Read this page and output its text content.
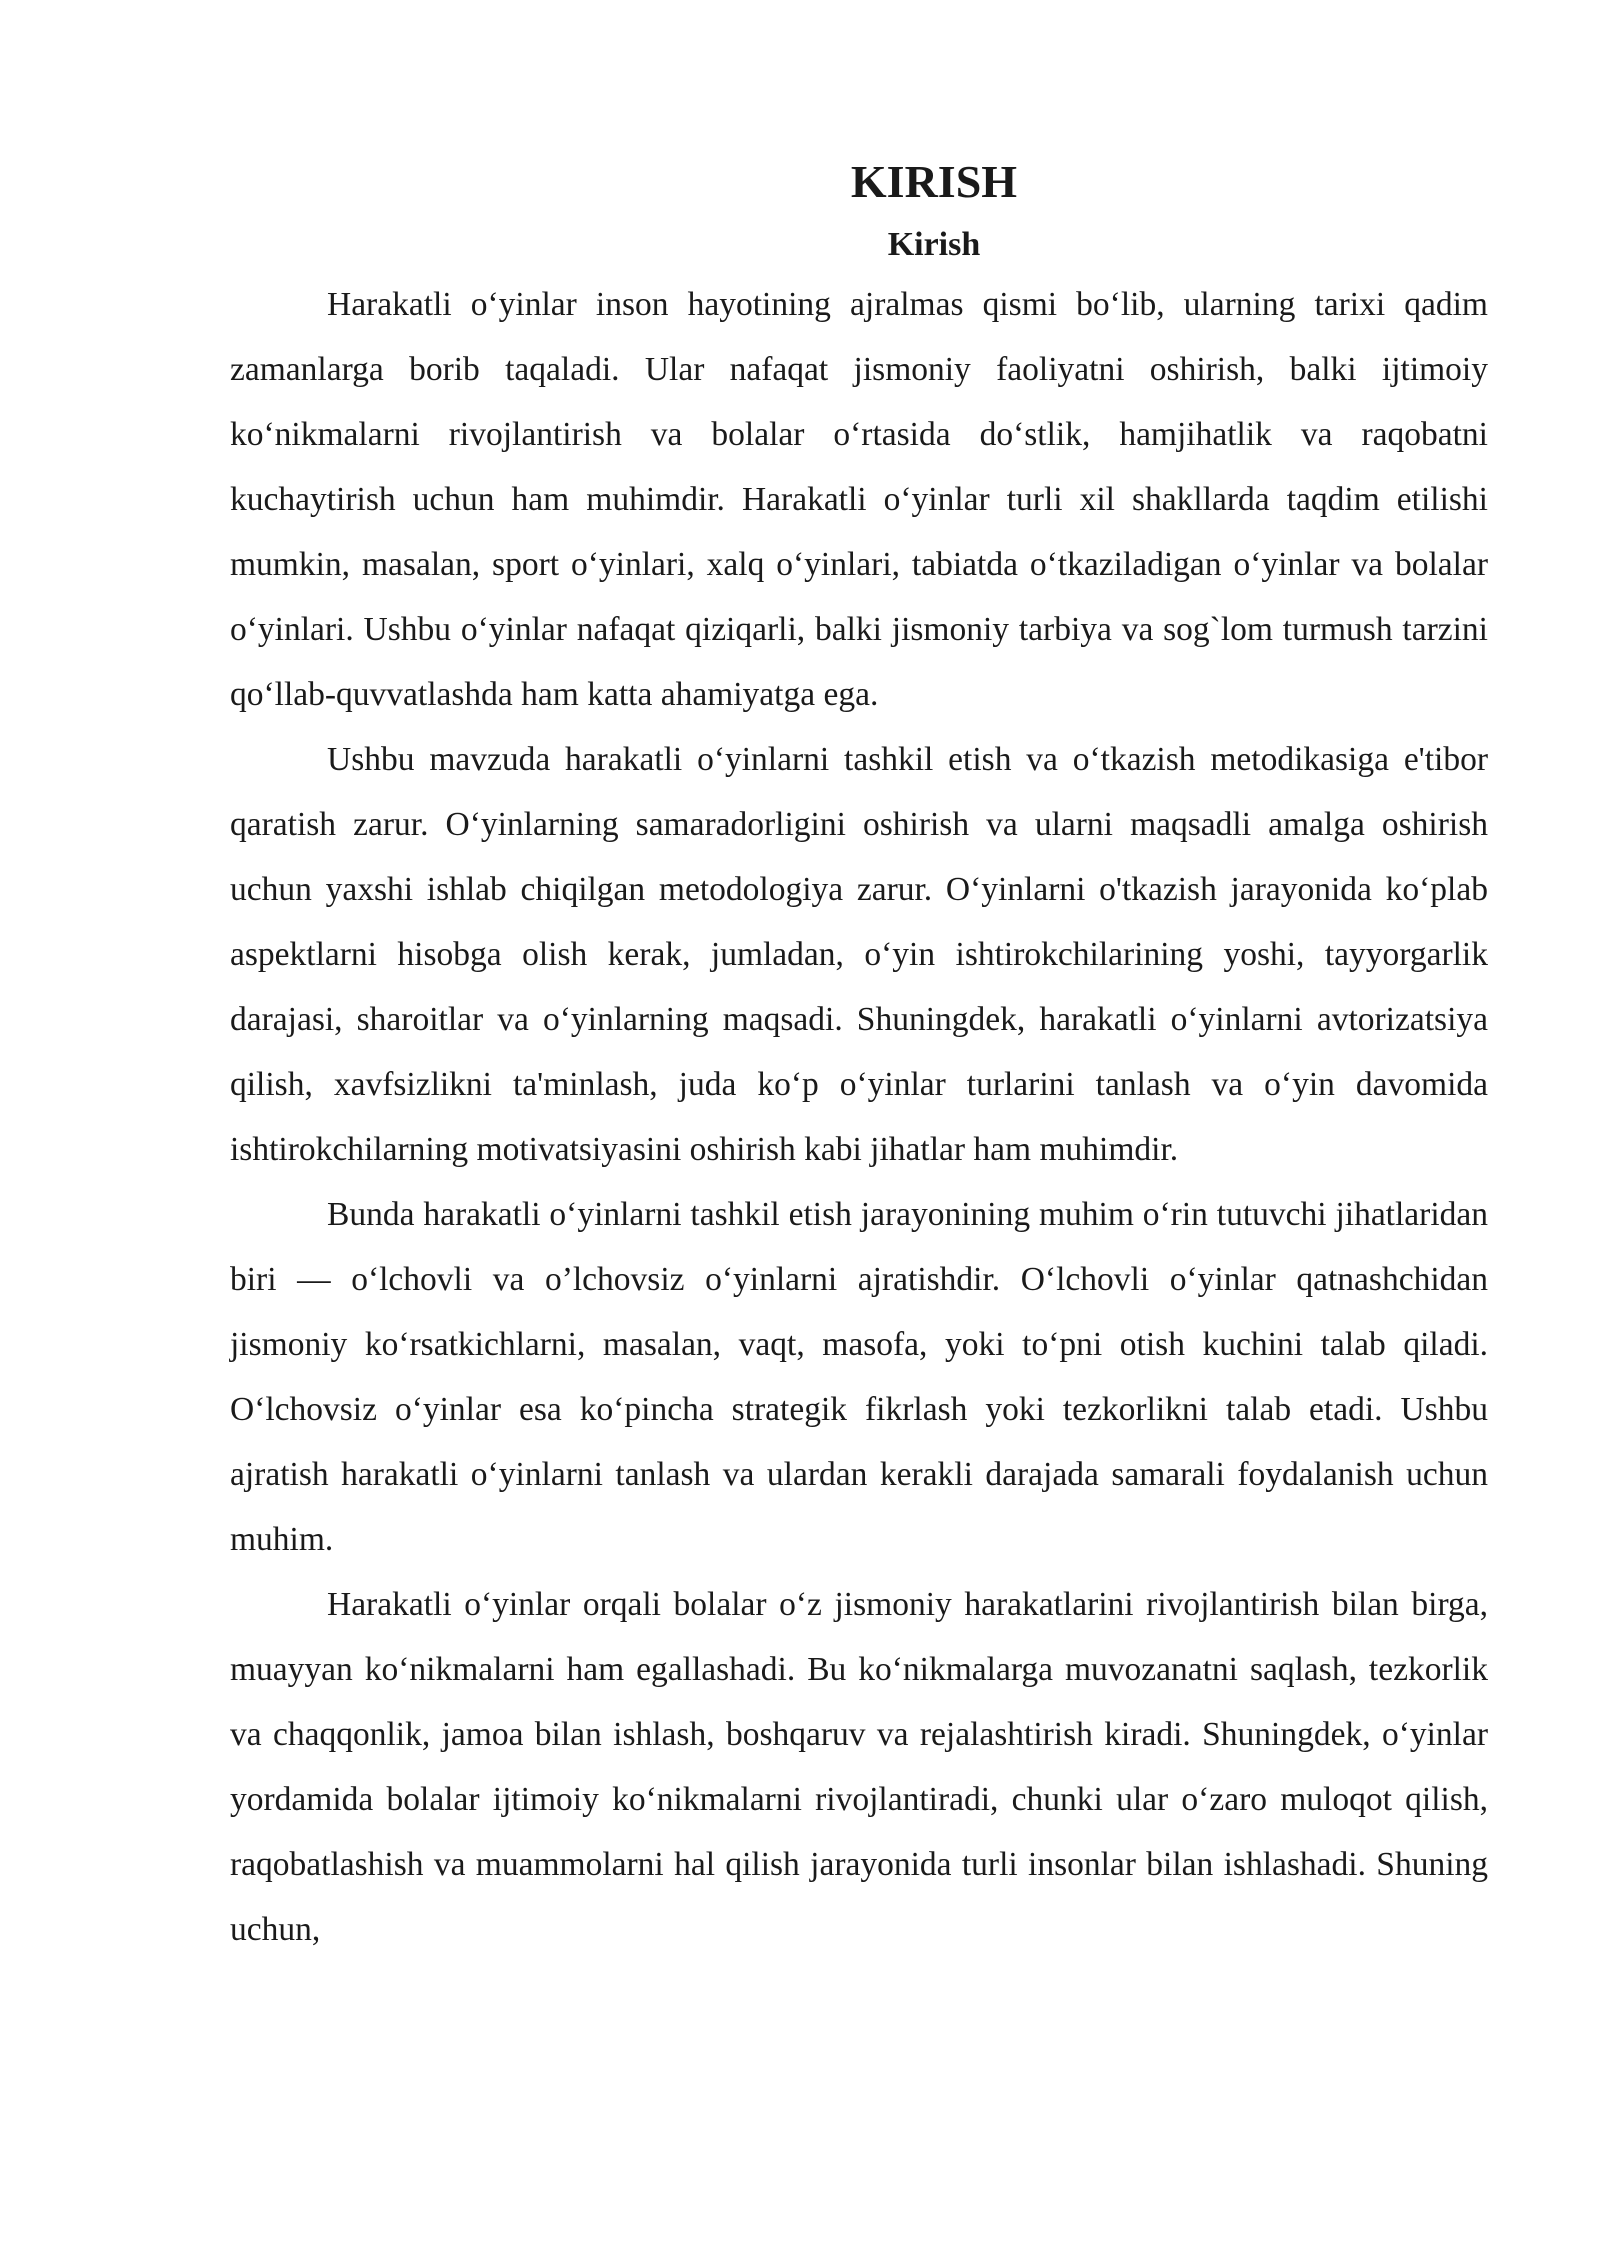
KIRISH
Kirish

Harakatli o‘yinlar inson hayotining ajralmas qismi bo‘lib, ularning tarixi qadim zamanlarga borib taqaladi. Ular nafaqat jismoniy faoliyatni oshirish, balki ijtimoiy ko‘nikmalarni rivojlantirish va bolalar o‘rtasida do‘stlik, hamjihatlik va raqobatni kuchaytirish uchun ham muhimdir. Harakatli o‘yinlar turli xil shakllarda taqdim etilishi mumkin, masalan, sport o‘yinlari, xalq o‘yinlari, tabiatda o‘tkaziladigan o‘yinlar va bolalar o‘yinlari. Ushbu o‘yinlar nafaqat qiziqarli, balki jismoniy tarbiya va sog`lom turmush tarzini qo‘llab-quvvatlashda ham katta ahamiyatga ega.

Ushbu mavzuda harakatli o‘yinlarni tashkil etish va o‘tkazish metodikasiga e'tibor qaratish zarur. O‘yinlarning samaradorligini oshirish va ularni maqsadli amalga oshirish uchun yaxshi ishlab chiqilgan metodologiya zarur. O‘yinlarni o'tkazish jarayonida ko‘plab aspektlarni hisobga olish kerak, jumladan, o‘yin ishtirokchilarining yoshi, tayyorgarlik darajasi, sharoitlar va o‘yinlarning maqsadi. Shuningdek, harakatli o‘yinlarni avtorizatsiya qilish, xavfsizlikni ta'minlash, juda ko‘p o‘yinlar turlarini tanlash va o‘yin davomida ishtirokchilarning motivatsiyasini oshirish kabi jihatlar ham muhimdir.

Bunda harakatli o‘yinlarni tashkil etish jarayonining muhim o‘rin tutuvchi jihatlaridan biri — o‘lchovli va o’lchovsiz o‘yinlarni ajratishdir. O‘lchovli o‘yinlar qatnashchidan jismoniy ko‘rsatkichlarni, masalan, vaqt, masofa, yoki to‘pni otish kuchini talab qiladi. O‘lchovsiz o‘yinlar esa ko‘pincha strategik fikrlash yoki tezkorlikni talab etadi. Ushbu ajratish harakatli o‘yinlarni tanlash va ulardan kerakli darajada samarali foydalanish uchun muhim.

Harakatli o‘yinlar orqali bolalar o‘z jismoniy harakatlarini rivojlantirish bilan birga, muayyan ko‘nikmalarni ham egallashadi. Bu ko‘nikmalarga muvozanatni saqlash, tezkorlik va chaqqonlik, jamoa bilan ishlash, boshqaruv va rejalashtirish kiradi. Shuningdek, o‘yinlar yordamida bolalar ijtimoiy ko‘nikmalarni rivojlantiradi, chunki ular o‘zaro muloqot qilish, raqobatlashish va muammolarni hal qilish jarayonida turli insonlar bilan ishlashadi. Shuning uchun,
